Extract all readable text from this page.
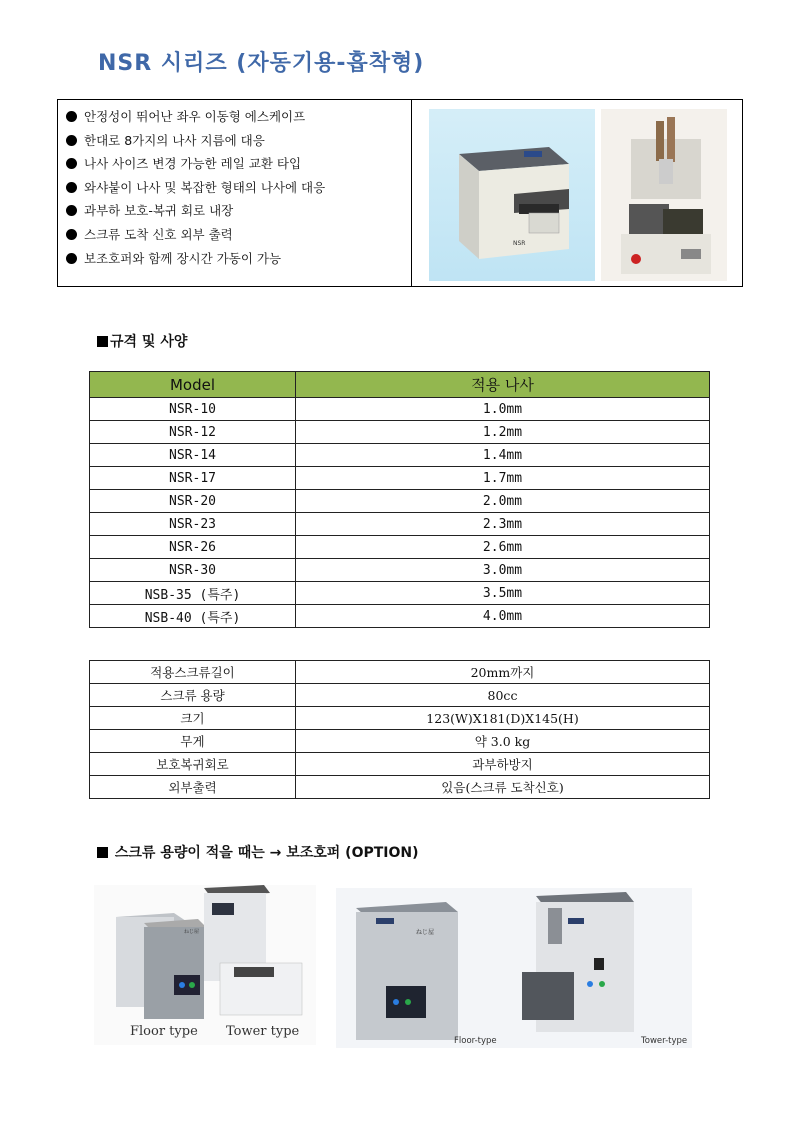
NSR 시리즈 (자동기용-흡착형)
안정성이 뛰어난 좌우 이동형 에스케이프
한대로 8가지의 나사 지름에 대응
나사 사이즈 변경 가능한 레일 교환 타입
와샤붙이 나사 및 복잡한 형태의 나사에 대응
과부하 보호-복귀 회로 내장
스크류 도착 신호 외부 출력
보조호퍼와 함께 장시간 가동이 가능
NSR
규격 및 사양
Model	적용 나사
NSR-10	1.0mm
NSR-12	1.2mm
NSR-14	1.4mm
NSR-17	1.7mm
NSR-20	2.0mm
NSR-23	2.3mm
NSR-26	2.6mm
NSR-30	3.0mm
NSB-35 (특주)	3.5mm
NSB-40 (특주)	4.0mm
적용스크류길이	20mm까지
스크류 용량	80cc
크기	123(W)X181(D)X145(H)
무게	약 3.0 kg
보호복귀회로	과부하방지
외부출력	있음(스크류 도착신호)
스크류 용량이 적을 때는 → 보조호퍼 (OPTION)
ねじ屋
Floor type Tower type
ねじ屋
Floor-type	Tower-type
